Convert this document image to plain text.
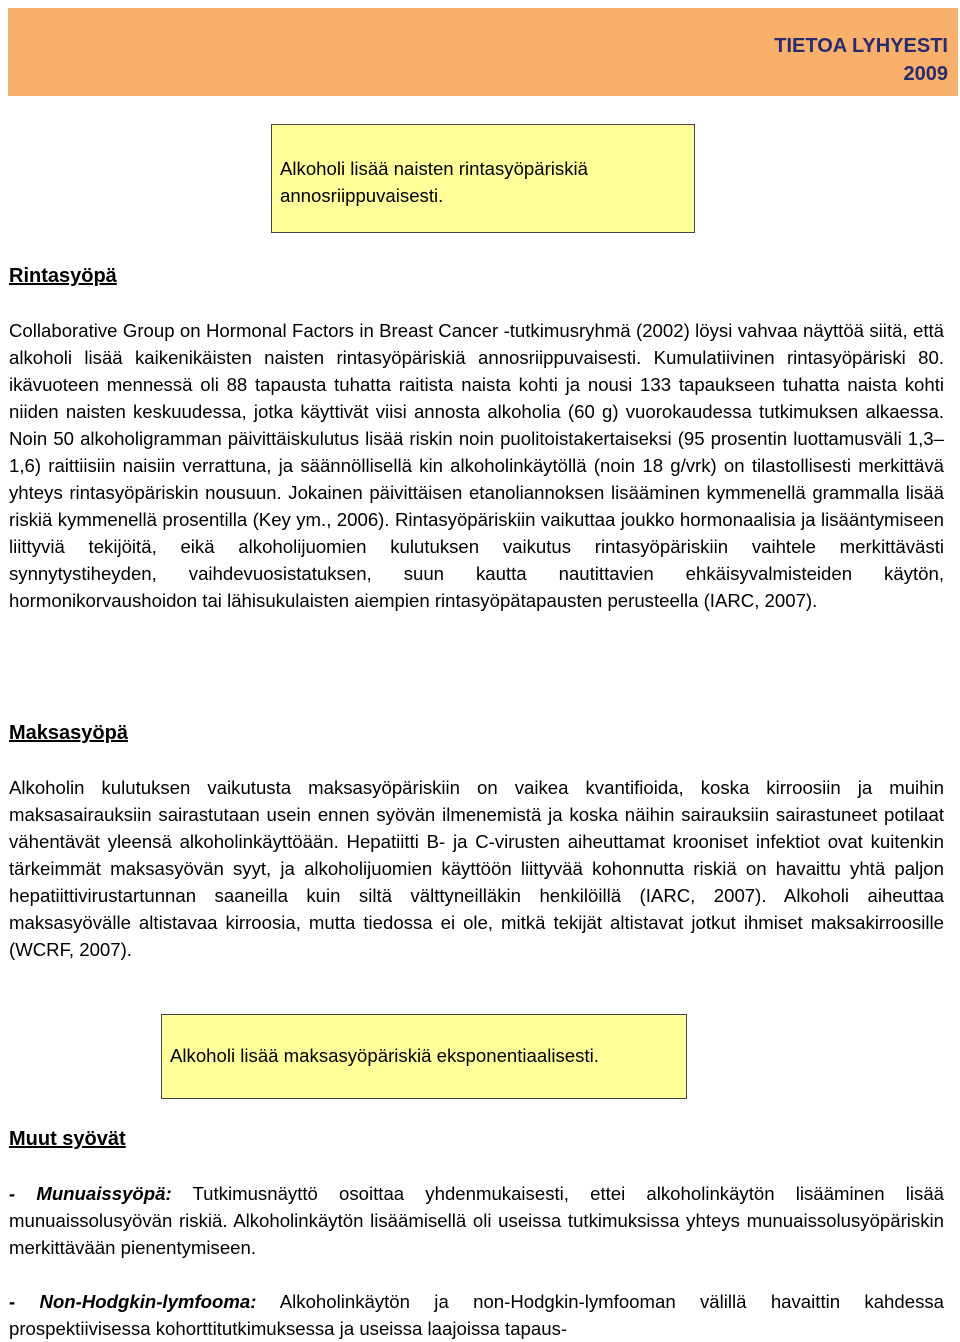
TIETOA LYHYESTI
2009
Alkoholi lisää naisten rintasyöpäriskiä annosriippuvaisesti.
Rintasyöpä

Collaborative Group on Hormonal Factors in Breast Cancer -tutkimusryhmä (2002) löysi vahvaa näyttöä siitä, että alkoholi lisää kaikenikäisten naisten rintasyöpäriskiä annosriippuvaisesti. Kumulatiivinen rintasyöpäriski 80. ikävuoteen mennessä oli 88 tapausta tuhatta raitista naista kohti ja nousi 133 tapaukseen tuhatta naista kohti niiden naisten keskuudessa, jotka käyttivät viisi annosta alkoholia (60 g) vuorokaudessa tutkimuksen alkaessa. Noin 50 alkoholigramman päivittäiskulutus lisää riskin noin puolitoistakertaiseksi (95 prosentin luottamusväli 1,3–1,6) raittiisiin naisiin verrattuna, ja säännöllisellä kin alkoholinkäytöllä (noin 18 g/vrk) on tilastollisesti merkittävä yhteys rintasyöpäriskin nousuun. Jokainen päivittäisen etanoliannoksen lisääminen kymmenellä grammalla lisää riskiä kymmenellä prosentilla (Key ym., 2006). Rintasyöpäriskiin vaikuttaa joukko hormonaalisia ja lisääntymiseen liittyviä tekijöitä, eikä alkoholijuomien kulutuksen vaikutus rintasyöpäriskiin vaihtele merkittävästi synnytystiheyden, vaihdevuosistatuksen, suun kautta nautittavien ehkäisyvalmisteiden käytön, hormonikorvaushoidon tai lähisukulaisten aiempien rintasyöpätapausten perusteella (IARC, 2007).

Maksasyöpä

Alkoholin kulutuksen vaikutusta maksasyöpäriskiin on vaikea kvantifioida, koska kirroosiin ja muihin maksasairauksiin sairastutaan usein ennen syövän ilmenemistä ja koska näihin sairauksiin sairastuneet potilaat vähentävät yleensä alkoholinkäyttöään. Hepatiitti B- ja C-virusten aiheuttamat krooniset infektiot ovat kuitenkin tärkeimmät maksasyövän syyt, ja alkoholijuomien käyttöön liittyvää kohonnutta riskiä on havaittu yhtä paljon hepatiittivirustartunnan saaneilla kuin siltä välttyneilläkin henkilöillä (IARC, 2007). Alkoholi aiheuttaa maksasyövälle altistavaa kirroosia, mutta tiedossa ei ole, mitkä tekijät altistavat jotkut ihmiset maksakirroosille (WCRF, 2007).

Alkoholi lisää maksasyöpäriskiä eksponentiaalisesti.
Muut syövät

- Munuaissyöpä: Tutkimusnäyttö osoittaa yhdenmukaisesti, ettei alkoholinkäytön lisääminen lisää munuaissolusyövän riskiä. Alkoholinkäytön lisäämisellä oli useissa tutkimuksissa yhteys munuaissolusyöpäriskin merkittävään pienentymiseen.

- Non-Hodgkin-lymfooma: Alkoholinkäytön ja non-Hodgkin-lymfooman välillä havaittin kahdessa prospektiivisessa kohorttitutkimuksessa ja useissa laajoissa tapaus-
